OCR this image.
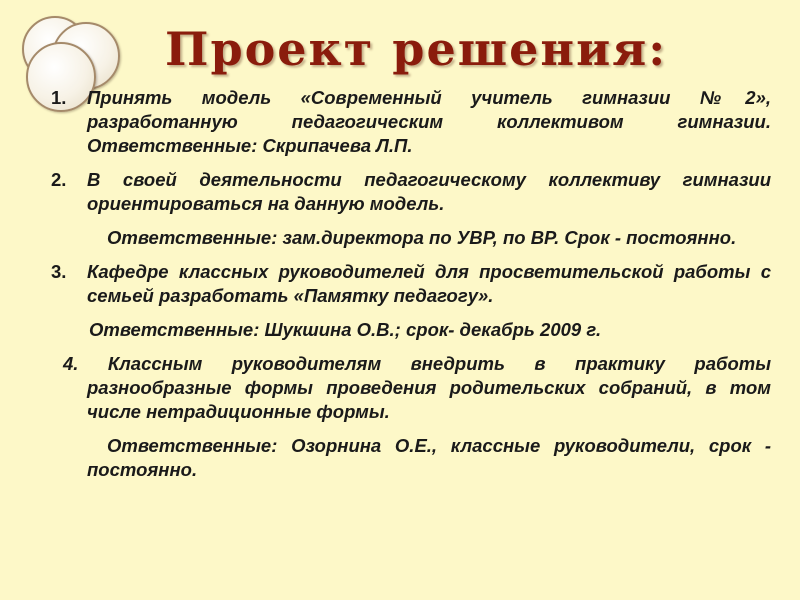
Проект решения:
1. Принять модель «Современный учитель гимназии №2», разработанную педагогическим коллективом гимназии. Ответственные: Скрипачева Л.П.
2. В своей деятельности педагогическому коллективу гимназии ориентироваться на данную модель.
Ответственные: зам.директора по УВР, по ВР. Срок - постоянно.
3. Кафедре классных руководителей для просветительской работы с семьей разработать «Памятку педагогу».
Ответственные: Шукшина О.В.; срок- декабрь 2009 г.
4. Классным руководителям внедрить в практику работы разнообразные формы проведения родительских собраний, в том числе нетрадиционные формы.
Ответственные: Озорнина О.Е., классные руководители, срок - постоянно.
